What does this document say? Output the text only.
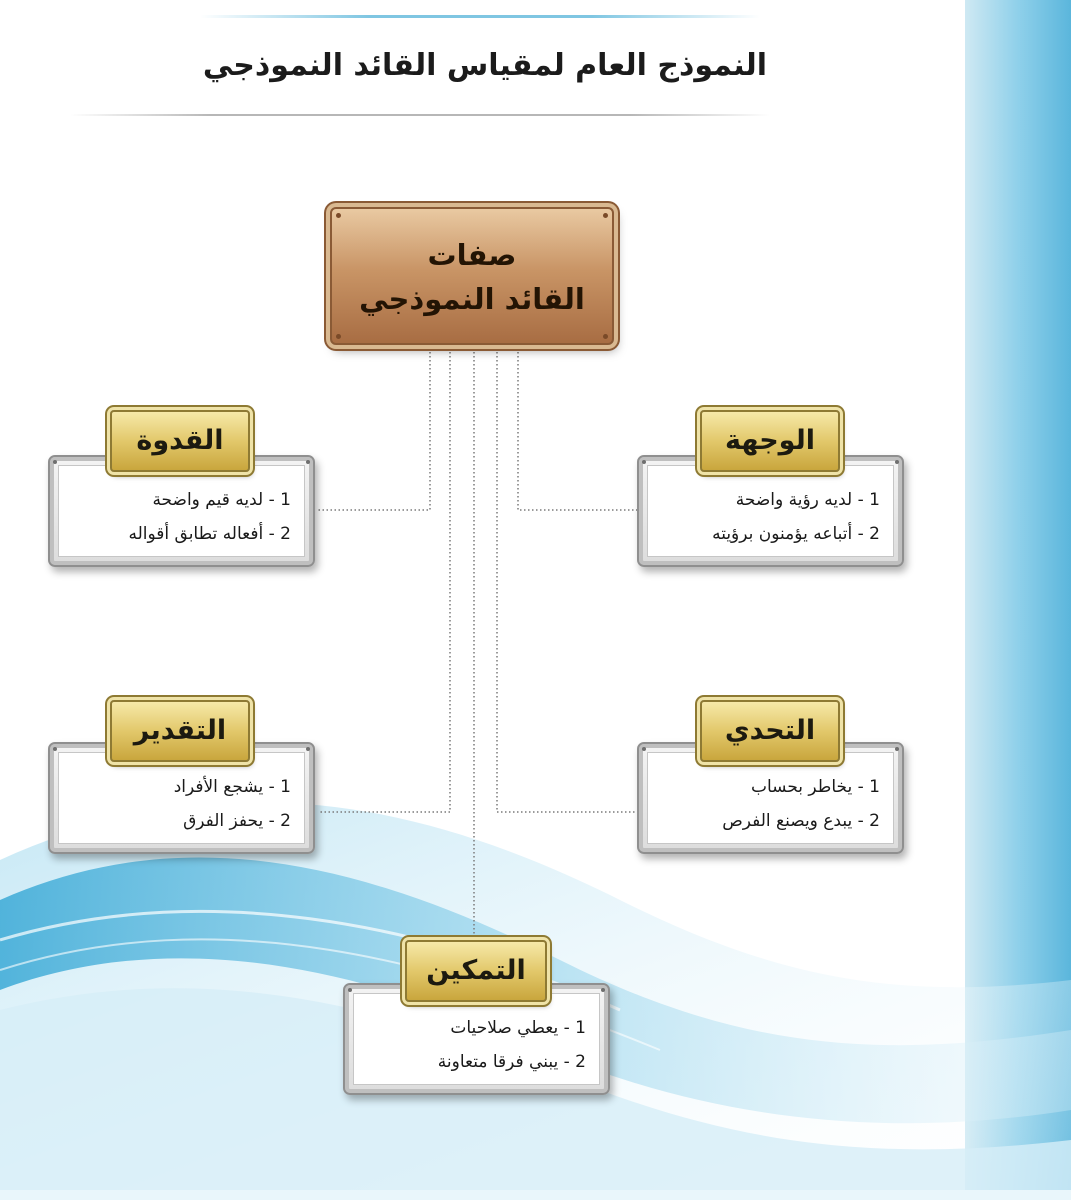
النموذج العام لمقياس القائد النموذجي
صفات
القائد النموذجي
1 - لديه رؤية واضحة
2 - أتباعه يؤمنون برؤيته
الوجهة
1 - لديه قيم واضحة
2 - أفعاله تطابق أقواله
القدوة
1 - يخاطر بحساب
2 - يبدع ويصنع الفرص
التحدي
1 - يشجع الأفراد
2 - يحفز الفرق
التقدير
1 - يعطي صلاحيات
2 - يبني فرقا متعاونة
التمكين
